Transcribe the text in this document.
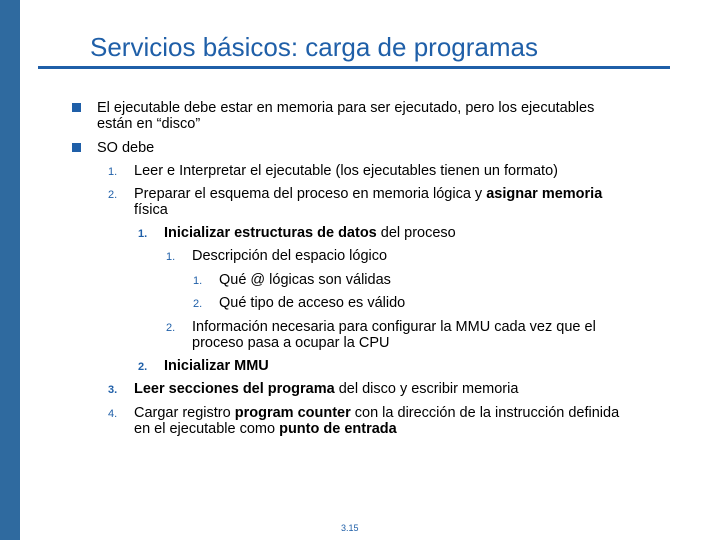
Servicios básicos: carga de programas
El ejecutable debe estar en memoria para ser ejecutado, pero los ejecutables
están en “disco”
SO debe
1. Leer e Interpretar el ejecutable (los ejecutables tienen un formato)
2. Preparar el esquema del proceso en memoria lógica y asignar memoria
física
1. Inicializar estructuras de datos del proceso
1. Descripción del espacio lógico
1. Qué @ lógicas son válidas
2. Qué tipo de acceso es válido
2. Información necesaria para configurar la MMU cada vez que el
proceso pasa a ocupar la CPU
2. Inicializar MMU
3. Leer secciones del programa del disco y escribir memoria
4. Cargar registro program counter con la dirección de la instrucción definida
en el ejecutable como punto de entrada
3.15
